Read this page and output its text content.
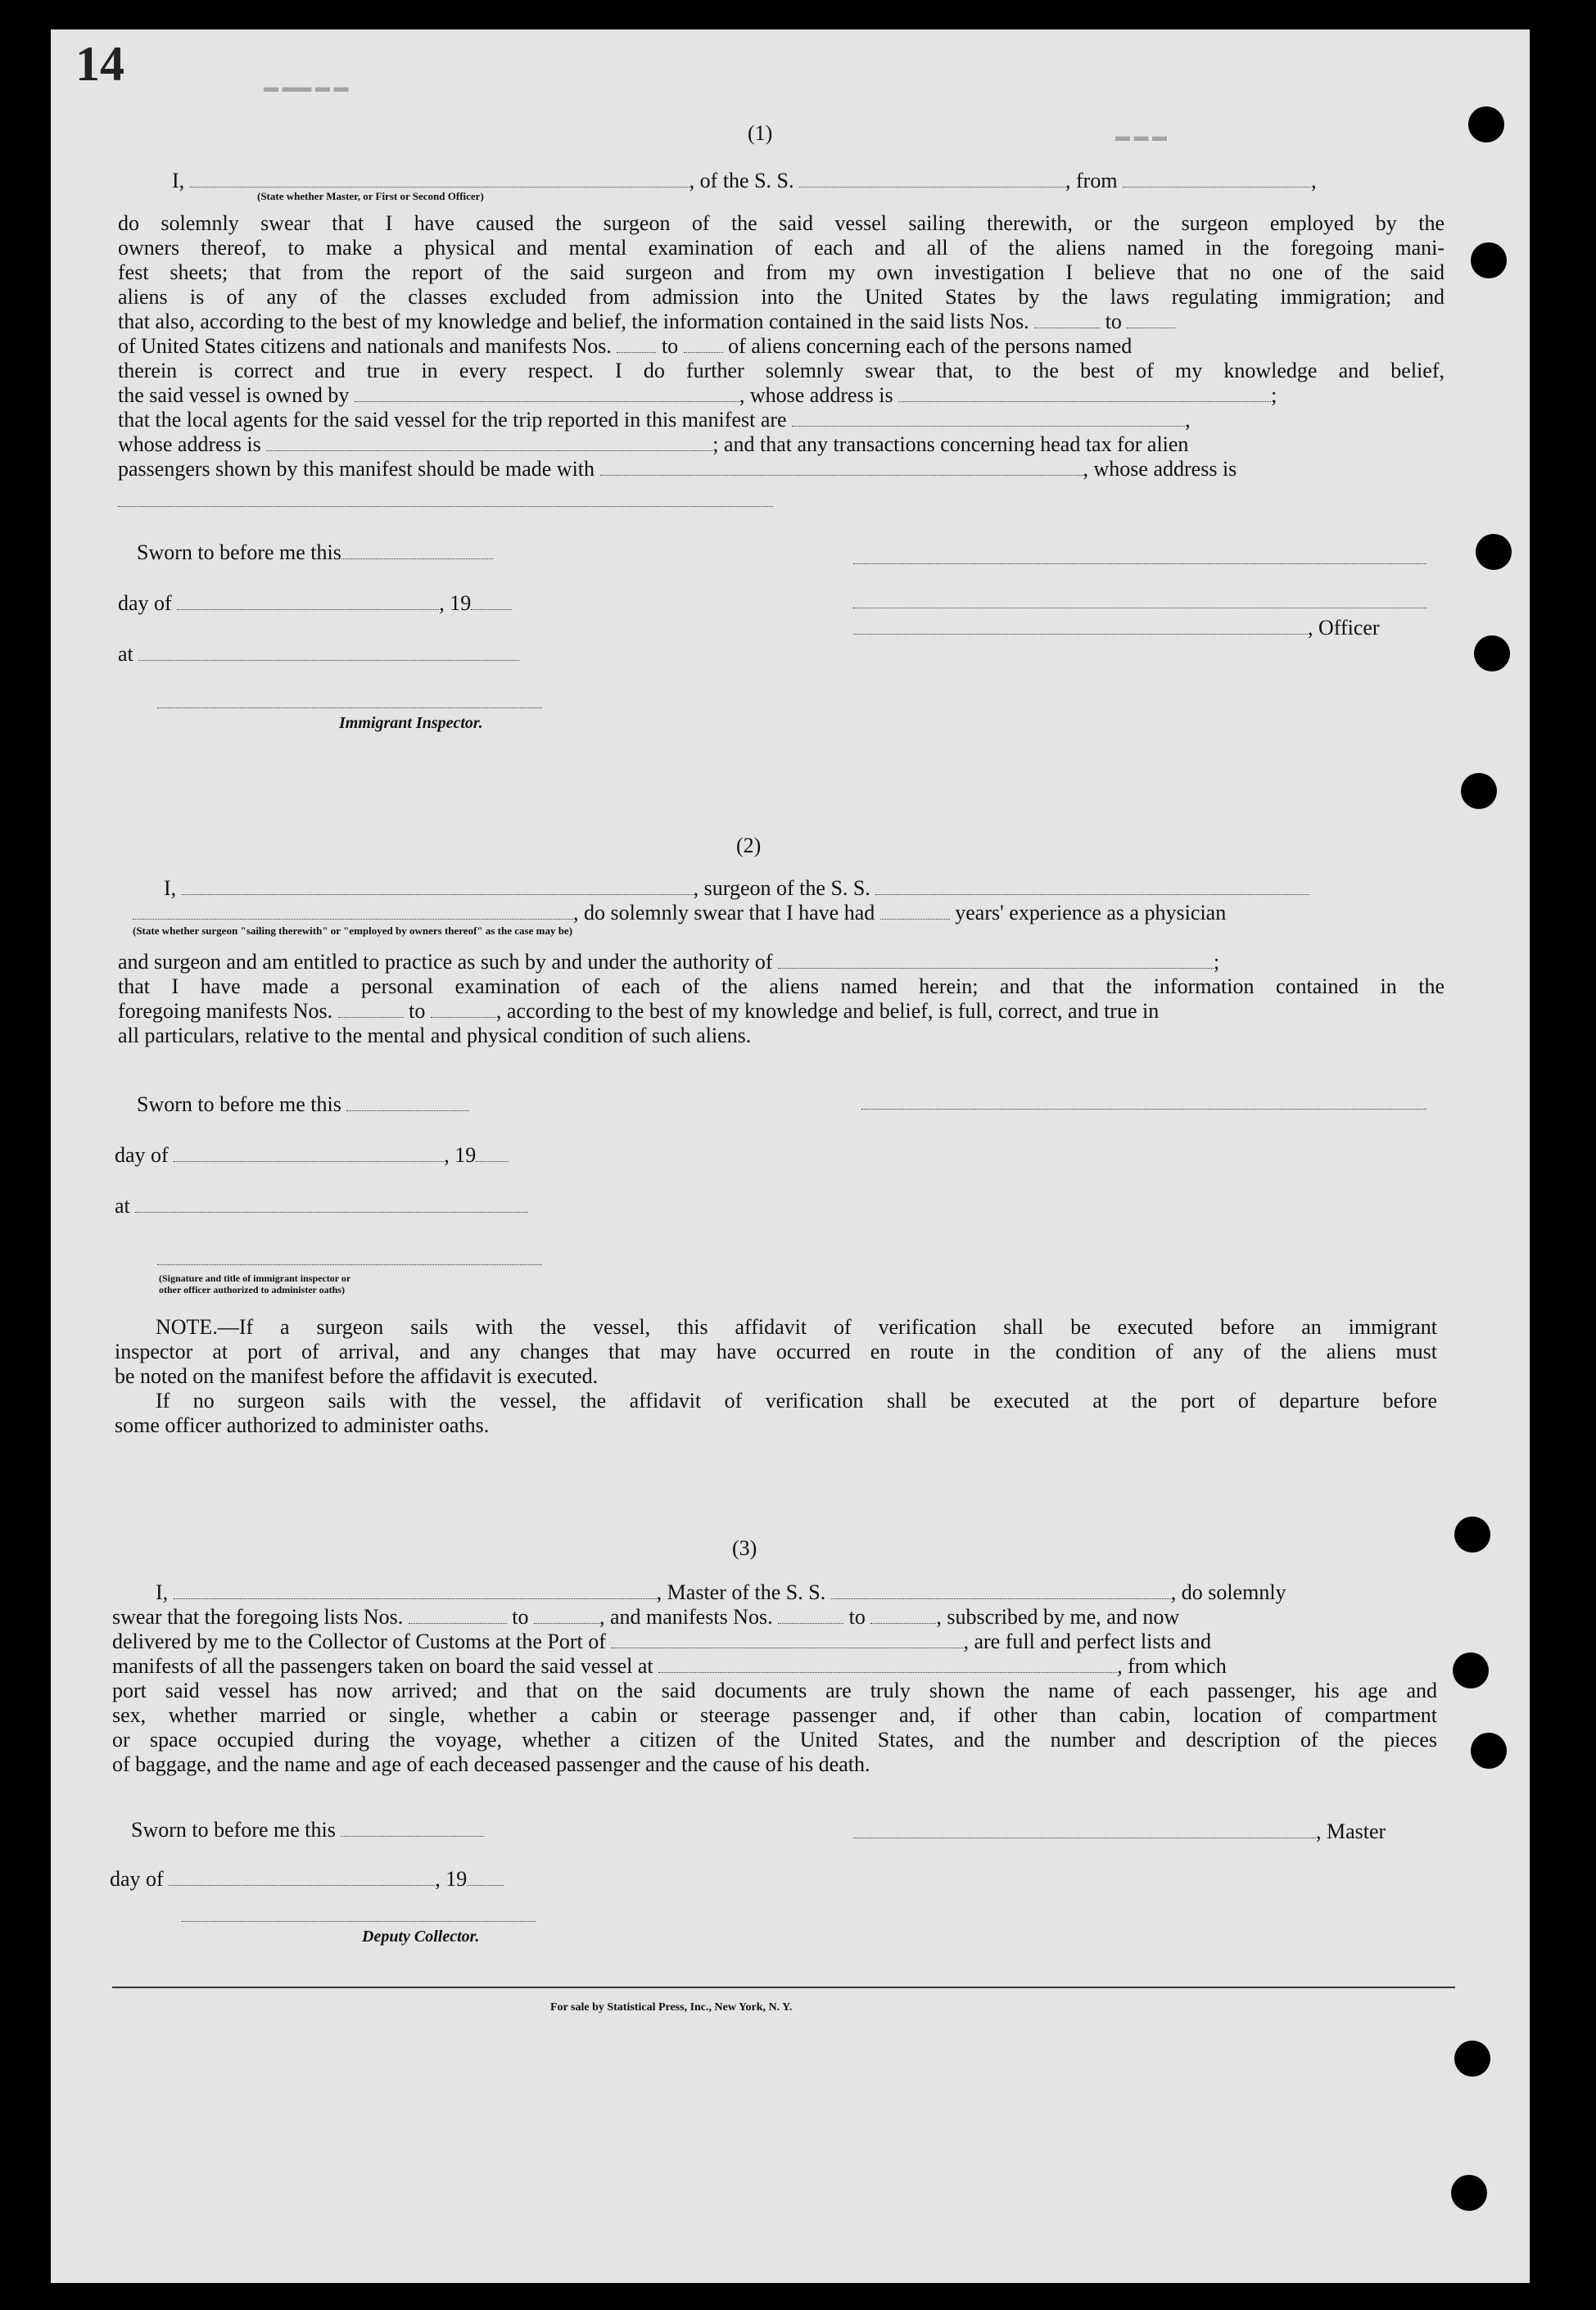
14	▬ ▬▬ ▬ ▬
▬ ▬ ▬
(1)
I,	, of the S. S.	, from	,
(State whether Master, or First or Second Officer)
do solemnly swear that I have caused the surgeon of the said vessel sailing therewith, or the surgeon employed by the
owners thereof, to make a physical and mental examination of each and all of the aliens named in the foregoing mani-
fest sheets; that from the report of the said surgeon and from my own investigation I believe that no one of the said
aliens is of any of the classes excluded from admission into the United States by the laws regulating immigration; and
that also, according to the best of my knowledge and belief, the information contained in the said lists Nos.	to
of United States citizens and nationals and manifests Nos. to of aliens concerning each of the persons named
therein is correct and true in every respect. I do further solemnly swear that, to the best of my knowledge and belief,
the said vessel is owned by	, whose address is	;
that the local agents for the said vessel for the trip reported in this manifest are	,
whose address is	; and that any transactions concerning head tax for alien
passengers shown by this manifest should be made with	, whose address is
Sworn to before me this
day of	, 19
at
Immigrant Inspector.
, Officer
(2)
I,	, surgeon of the S. S.
, do solemnly swear that I have had	years' experience as a physician
(State whether surgeon "sailing therewith" or "employed by owners thereof" as the case may be)
and surgeon and am entitled to practice as such by and under the authority of	;
that I have made a personal examination of each of the aliens named herein; and that the information contained in the
foregoing manifests Nos.	to	, according to the best of my knowledge and belief, is full, correct, and true in
all particulars, relative to the mental and physical condition of such aliens.
Sworn to before me this
day of	, 19
at
(Signature and title of immigrant inspector or
other officer authorized to administer oaths)
NOTE.—If a surgeon sails with the vessel, this affidavit of verification shall be executed before an immigrant
inspector at port of arrival, and any changes that may have occurred en route in the condition of any of the aliens must
be noted on the manifest before the affidavit is executed.
If no surgeon sails with the vessel, the affidavit of verification shall be executed at the port of departure before
some officer authorized to administer oaths.
(3)
I,	, Master of the S. S.	, do solemnly
swear that the foregoing lists Nos.	to	, and manifests Nos.	to	, subscribed by me, and now
delivered by me to the Collector of Customs at the Port of	, are full and perfect lists and
manifests of all the passengers taken on board the said vessel at	, from which
port said vessel has now arrived; and that on the said documents are truly shown the name of each passenger, his age and
sex, whether married or single, whether a cabin or steerage passenger and, if other than cabin, location of compartment
or space occupied during the voyage, whether a citizen of the United States, and the number and description of the pieces
of baggage, and the name and age of each deceased passenger and the cause of his death.
Sworn to before me this	, Master
day of	, 19
Deputy Collector.
For sale by Statistical Press, Inc., New York, N. Y.
